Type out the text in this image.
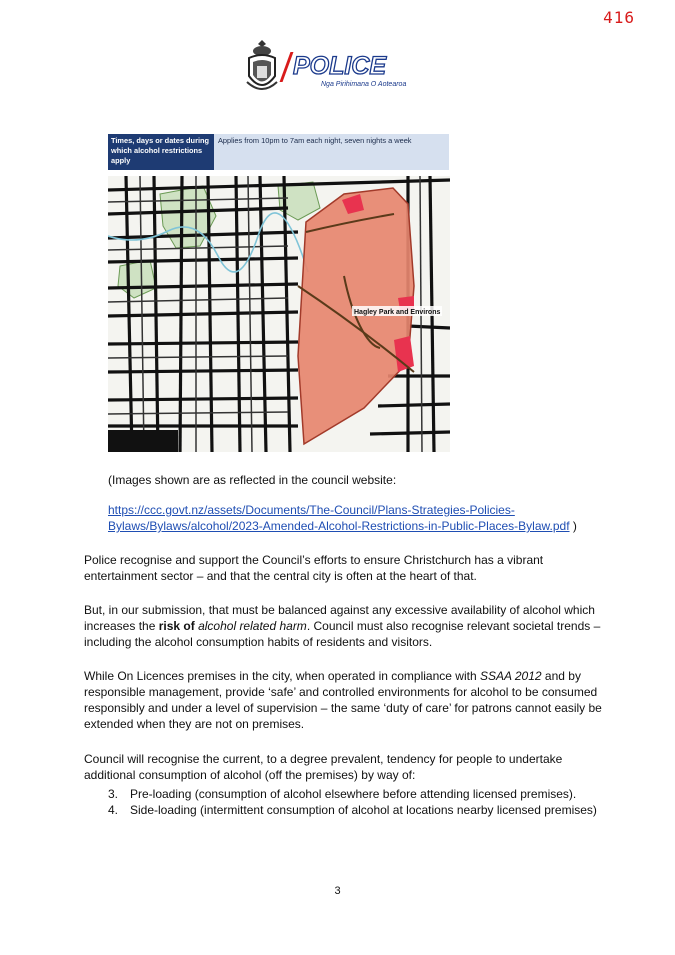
416
POLICE
Nga Pirihimana O Aotearoa
Times, days or dates during which alcohol restrictions apply
Applies from 10pm to 7am each night, seven nights a week
Hagley Park and Environs

(Images shown are as reflected in the council website:

https://ccc.govt.nz/assets/Documents/The-Council/Plans-Strategies-Policies-Bylaws/Bylaws/alcohol/2023-Amended-Alcohol-Restrictions-in-Public-Places-Bylaw.pdf )

Police recognise and support the Council’s efforts to ensure Christchurch has a vibrant entertainment sector – and that the central city is often at the heart of that.

But, in our submission, that must be balanced against any excessive availability of alcohol which increases the risk of alcohol related harm. Council must also recognise relevant societal trends – including the alcohol consumption habits of residents and visitors.

While On Licences premises in the city, when operated in compliance with SSAA 2012 and by responsible management, provide ‘safe’ and controlled environments for alcohol to be consumed responsibly and under a level of supervision – the same ‘duty of care’ for patrons cannot easily be extended when they are not on premises.

Council will recognise the current, to a degree prevalent, tendency for people to undertake additional consumption of alcohol (off the premises) by way of:

3. Pre-loading (consumption of alcohol elsewhere before attending licensed premises).
4. Side-loading (intermittent consumption of alcohol at locations nearby licensed premises)
3
